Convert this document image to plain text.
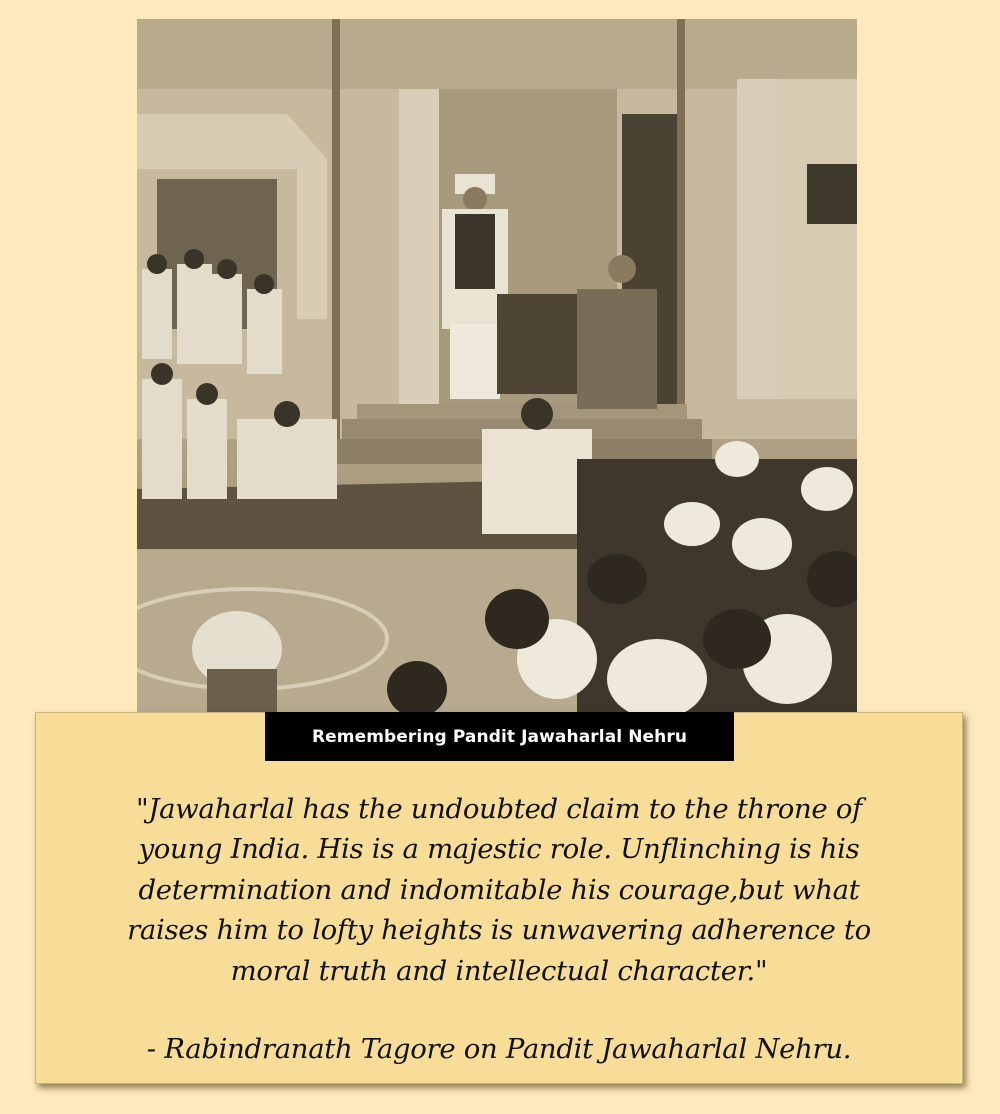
Remembering Pandit Jawaharlal Nehru

"Jawaharlal has the undoubted claim to the throne of
young India. His is a majestic role. Unflinching is his
determination and indomitable his courage,but what
raises him to lofty heights is unwavering adherence to
moral truth and intellectual character."

- Rabindranath Tagore on Pandit Jawaharlal Nehru.
